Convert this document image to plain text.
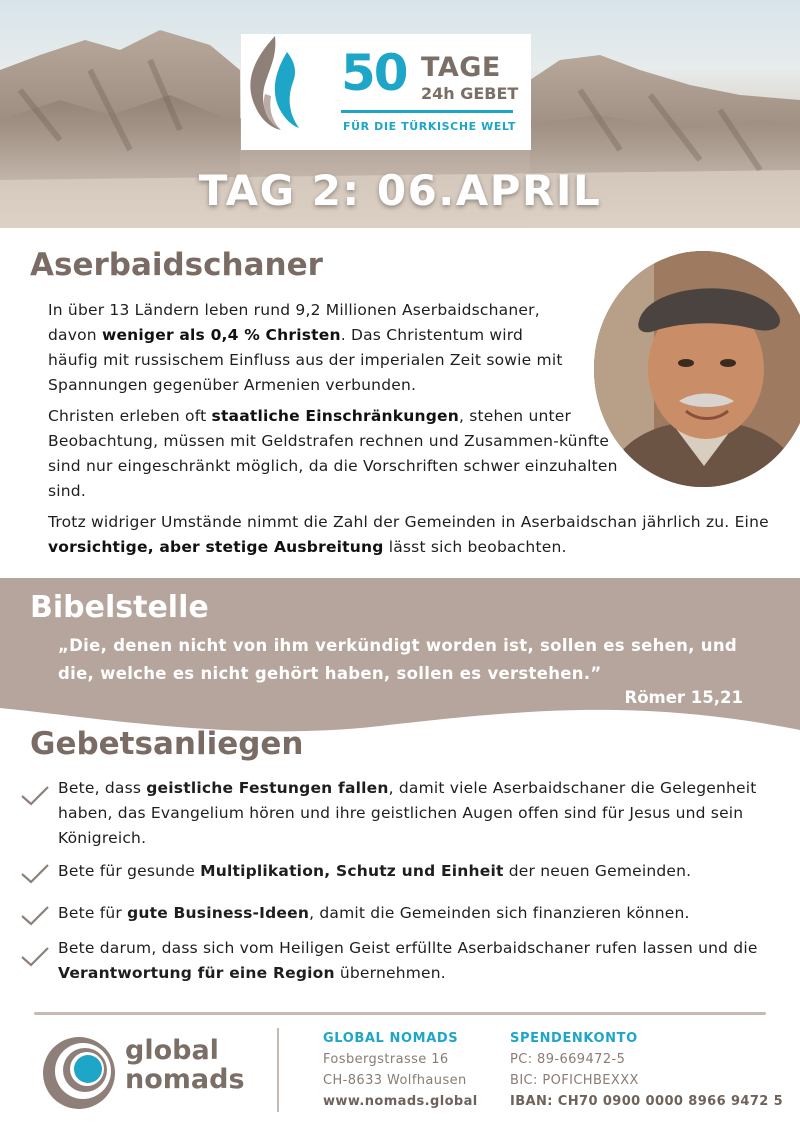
50 TAGE
24h GEBET
FÜR DIE TÜRKISCHE WELT
TAG 2: 06.APRIL
Aserbaidschaner
In über 13 Ländern leben rund 9,2 Millionen Aserbaidschaner, davon weniger als 0,4 % Christen. Das Christentum wird häufig mit russischem Einfluss aus der imperialen Zeit sowie mit Spannungen gegenüber Armenien verbunden.
Christen erleben oft staatliche Einschränkungen, stehen unter Beobachtung, müssen mit Geldstrafen rechnen und Zusammen-künfte sind nur eingeschränkt möglich, da die Vorschriften schwer einzuhalten sind.
Trotz widriger Umstände nimmt die Zahl der Gemeinden in Aserbaidschan jährlich zu. Eine vorsichtige, aber stetige Ausbreitung lässt sich beobachten.
Bibelstelle
„Die, denen nicht von ihm verkündigt worden ist, sollen es sehen, und die, welche es nicht gehört haben, sollen es verstehen.”
Römer 15,21
Gebetsanliegen
Bete, dass geistliche Festungen fallen, damit viele Aserbaidschaner die Gelegenheit haben, das Evangelium hören und ihre geistlichen Augen offen sind für Jesus und sein Königreich.
Bete für gesunde Multiplikation, Schutz und Einheit der neuen Gemeinden.
Bete für gute Business-Ideen, damit die Gemeinden sich finanzieren können.
Bete darum, dass sich vom Heiligen Geist erfüllte Aserbaidschaner rufen lassen und die Verantwortung für eine Region übernehmen.
global
nomads
GLOBAL NOMADS
Fosbergstrasse 16
CH-8633 Wolfhausen
www.nomads.global
SPENDENKONTO
PC: 89-669472-5
BIC: POFICHBEXXX
IBAN: CH70 0900 0000 8966 9472 5
